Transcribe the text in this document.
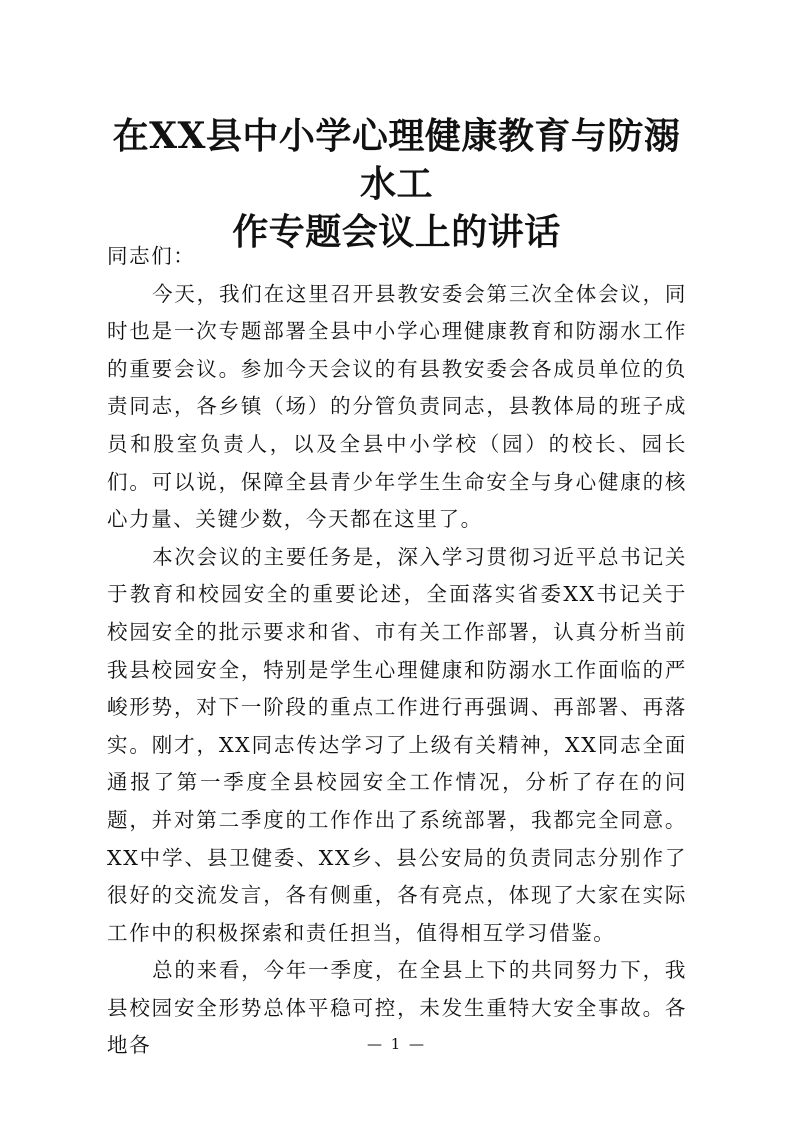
在XX县中小学心理健康教育与防溺水工
作专题会议上的讲话

同志们：

今天，我们在这里召开县教安委会第三次全体会议，同时也是一次专题部署全县中小学心理健康教育和防溺水工作的重要会议。参加今天会议的有县教安委会各成员单位的负责同志，各乡镇（场）的分管负责同志，县教体局的班子成员和股室负责人，以及全县中小学校（园）的校长、园长们。可以说，保障全县青少年学生生命安全与身心健康的核心力量、关键少数，今天都在这里了。

本次会议的主要任务是，深入学习贯彻习近平总书记关于教育和校园安全的重要论述，全面落实省委XX书记关于校园安全的批示要求和省、市有关工作部署，认真分析当前我县校园安全，特别是学生心理健康和防溺水工作面临的严峻形势，对下一阶段的重点工作进行再强调、再部署、再落实。刚才，XX同志传达学习了上级有关精神，XX同志全面通报了第一季度全县校园安全工作情况，分析了存在的问题，并对第二季度的工作作出了系统部署，我都完全同意。XX中学、县卫健委、XX乡、县公安局的负责同志分别作了很好的交流发言，各有侧重，各有亮点，体现了大家在实际工作中的积极探索和责任担当，值得相互学习借鉴。

总的来看，今年一季度，在全县上下的共同努力下，我县校园安全形势总体平稳可控，未发生重特大安全事故。各地各	— 1 —
